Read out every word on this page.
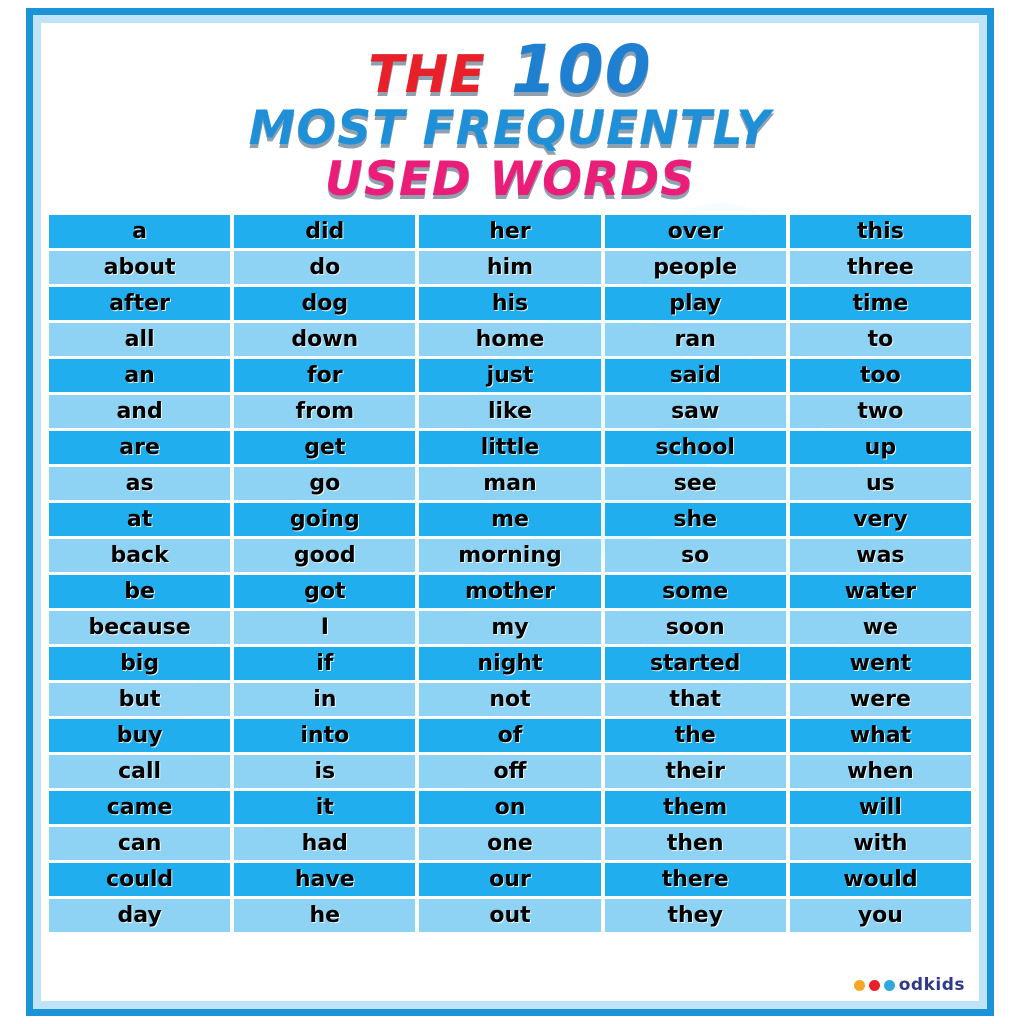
THE 100
MOST FREQUENTLY
USED WORDS
a	did	her	over	this
about	do	him	people	three
after	dog	his	play	time
all	down	home	ran	to
an	for	just	said	too
and	from	like	saw	two
are	get	little	school	up
as	go	man	see	us
at	going	me	she	very
back	good	morning	so	was
be	got	mother	some	water
because	I	my	soon	we
big	if	night	started	went
but	in	not	that	were
buy	into	of	the	what
call	is	off	their	when
came	it	on	them	will
can	had	one	then	with
could	have	our	there	would
day	he	out	they	you
odkids
